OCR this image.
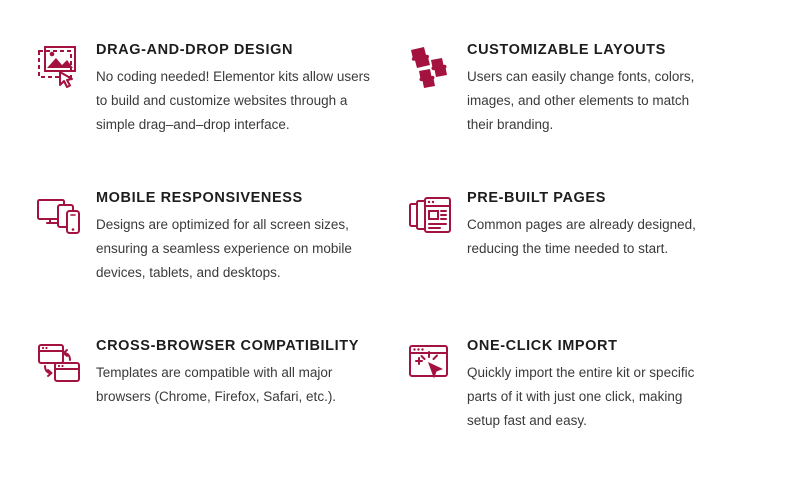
DRAG-AND-DROP DESIGN

No coding needed! Elementor kits allow users to build and customize websites through a simple drag–and–drop interface.

CUSTOMIZABLE LAYOUTS

Users can easily change fonts, colors, images, and other elements to match their branding.

MOBILE RESPONSIVENESS

Designs are optimized for all screen sizes, ensuring a seamless experience on mobile devices, tablets, and desktops.

PRE-BUILT PAGES

Common pages are already designed, reducing the time needed to start.

CROSS-BROWSER COMPATIBILITY

Templates are compatible with all major browsers (Chrome, Firefox, Safari, etc.).

ONE-CLICK IMPORT

Quickly import the entire kit or specific parts of it with just one click, making setup fast and easy.
